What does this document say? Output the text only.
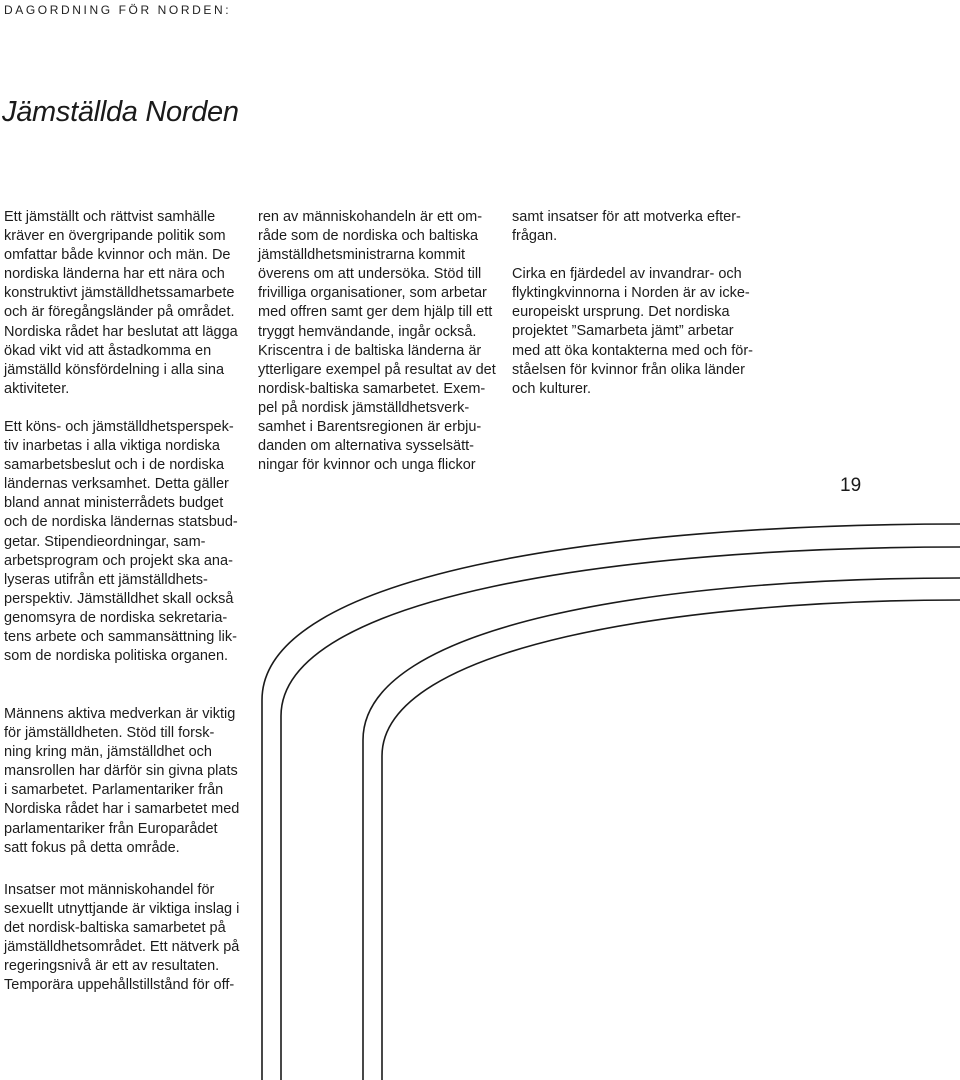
DAGORDNING FÖR NORDEN:
Jämställda Norden

Ett jämställt och rättvist samhälle
kräver en övergripande politik som
omfattar både kvinnor och män. De
nordiska länderna har ett nära och
konstruktivt jämställdhetssamarbete
och är föregångsländer på området.
Nordiska rådet har beslutat att lägga
ökad vikt vid att åstadkomma en
jämställd könsfördelning i alla sina
aktiviteter.

Ett köns- och jämställdhetsperspek-
tiv inarbetas i alla viktiga nordiska
samarbetsbeslut och i de nordiska
ländernas verksamhet. Detta gäller
bland annat ministerrådets budget
och de nordiska ländernas statsbud-
getar. Stipendieordningar, sam-
arbetsprogram och projekt ska ana-
lyseras utifrån ett jämställdhets-
perspektiv. Jämställdhet skall också
genomsyra de nordiska sekretaria-
tens arbete och sammansättning lik-
som de nordiska politiska organen.

Männens aktiva medverkan är viktig
för jämställdheten. Stöd till forsk-
ning kring män, jämställdhet och
mansrollen har därför sin givna plats
i samarbetet. Parlamentariker från
Nordiska rådet har i samarbetet med
parlamentariker från Europarådet
satt fokus på detta område.

Insatser mot människohandel för
sexuellt utnyttjande är viktiga inslag i
det nordisk-baltiska samarbetet på
jämställdhetsområdet. Ett nätverk på
regeringsnivå är ett av resultaten.
Temporära uppehållstillstånd för off-

ren av människohandeln är ett om-
råde som de nordiska och baltiska
jämställdhetsministrarna kommit
överens om att undersöka. Stöd till
frivilliga organisationer, som arbetar
med offren samt ger dem hjälp till ett
tryggt hemvändande, ingår också.
Kriscentra i de baltiska länderna är
ytterligare exempel på resultat av det
nordisk-baltiska samarbetet. Exem-
pel på nordisk jämställdhetsverk-
samhet i Barentsregionen är erbju-
danden om alternativa sysselsätt-
ningar för kvinnor och unga flickor

samt insatser för att motverka efter-
frågan.

Cirka en fjärdedel av invandrar- och
flyktingkvinnorna i Norden är av icke-
europeiskt ursprung. Det nordiska
projektet ”Samarbeta jämt” arbetar
med att öka kontakterna med och för-
ståelsen för kvinnor från olika länder
och kulturer.

19
